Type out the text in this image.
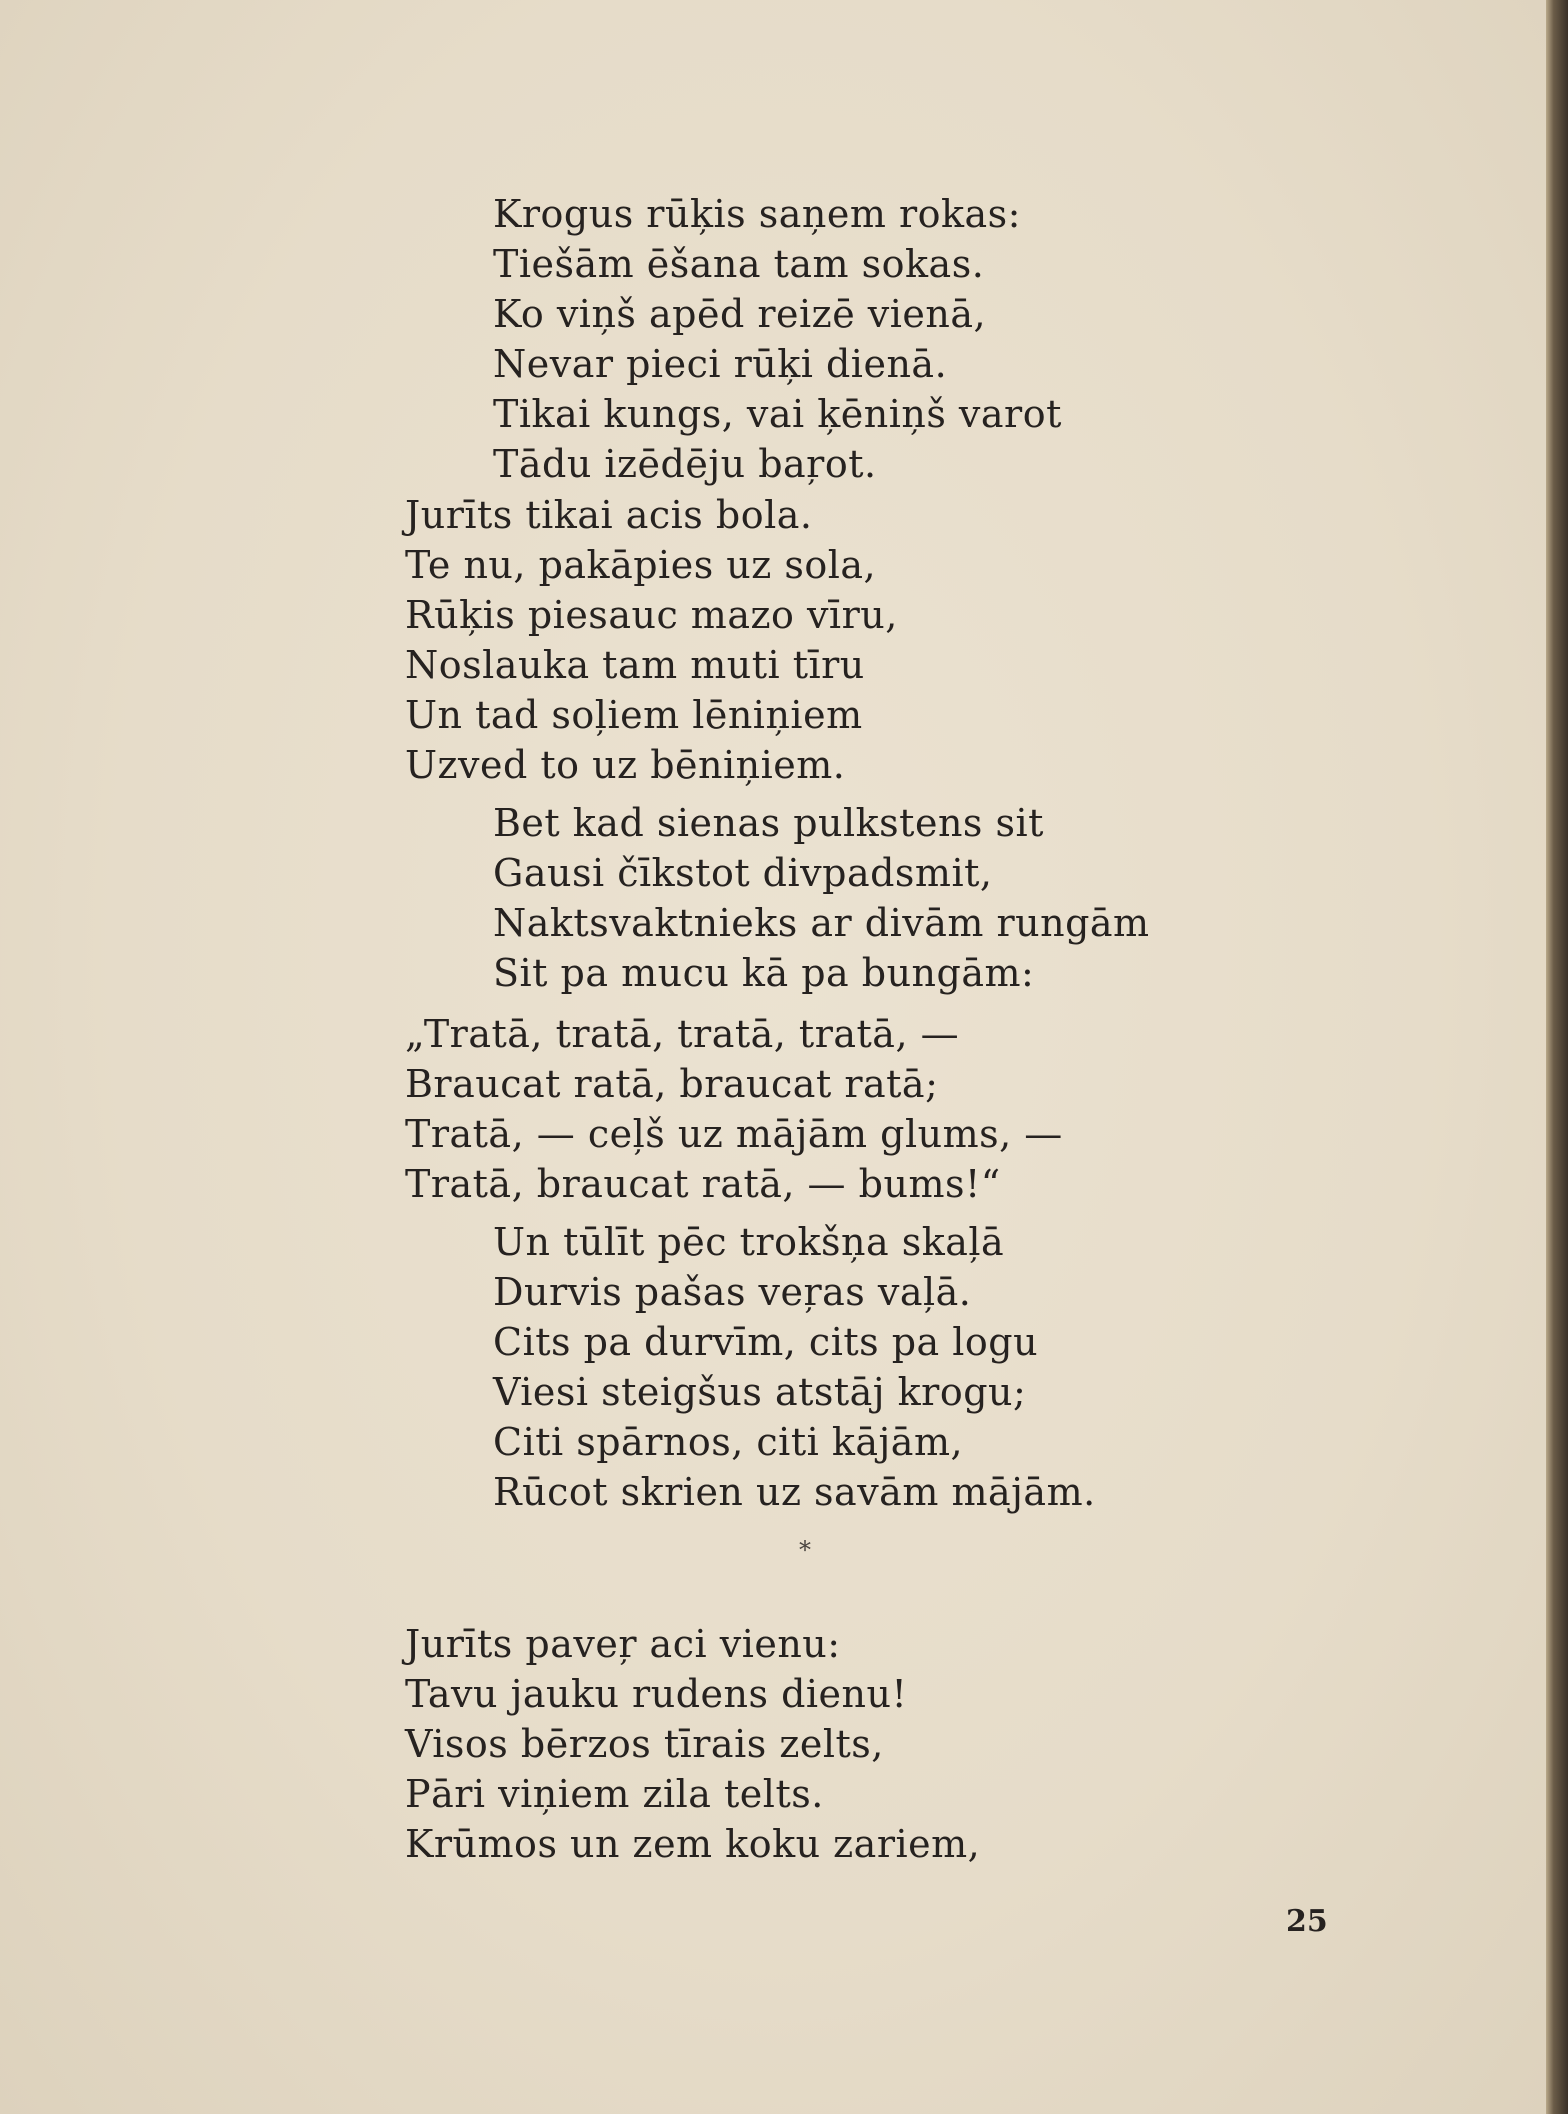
Krogus rūķis saņem rokas:
Tiešām ēšana tam sokas.
Ko viņš apēd reizē vienā,
Nevar pieci rūķi dienā.
Tikai kungs, vai ķēniņš varot
Tādu izēdēju baŗot.
Jurīts tikai acis bola.
Te nu, pakāpies uz sola,
Rūķis piesauc mazo vīru,
Noslauka tam muti tīru
Un tad soļiem lēniņiem
Uzved to uz bēniņiem.
Bet kad sienas pulkstens sit
Gausi čīkstot divpadsmit,
Naktsvaktnieks ar divām rungām
Sit pa mucu kā pa bungām:
„Tratā, tratā, tratā, tratā, —
Braucat ratā, braucat ratā;
Tratā, — ceļš uz mājām glums, —
Tratā, braucat ratā, — bums!“
Un tūlīt pēc trokšņa skaļā
Durvis pašas veŗas vaļā.
Cits pa durvīm, cits pa logu
Viesi steigšus atstāj krogu;
Citi spārnos, citi kājām,
Rūcot skrien uz savām mājām.
Jurīts paveŗ aci vienu:
Tavu jauku rudens dienu!
Visos bērzos tīrais zelts,
Pāri viņiem zila telts.
Krūmos un zem koku zariem,
*
25
